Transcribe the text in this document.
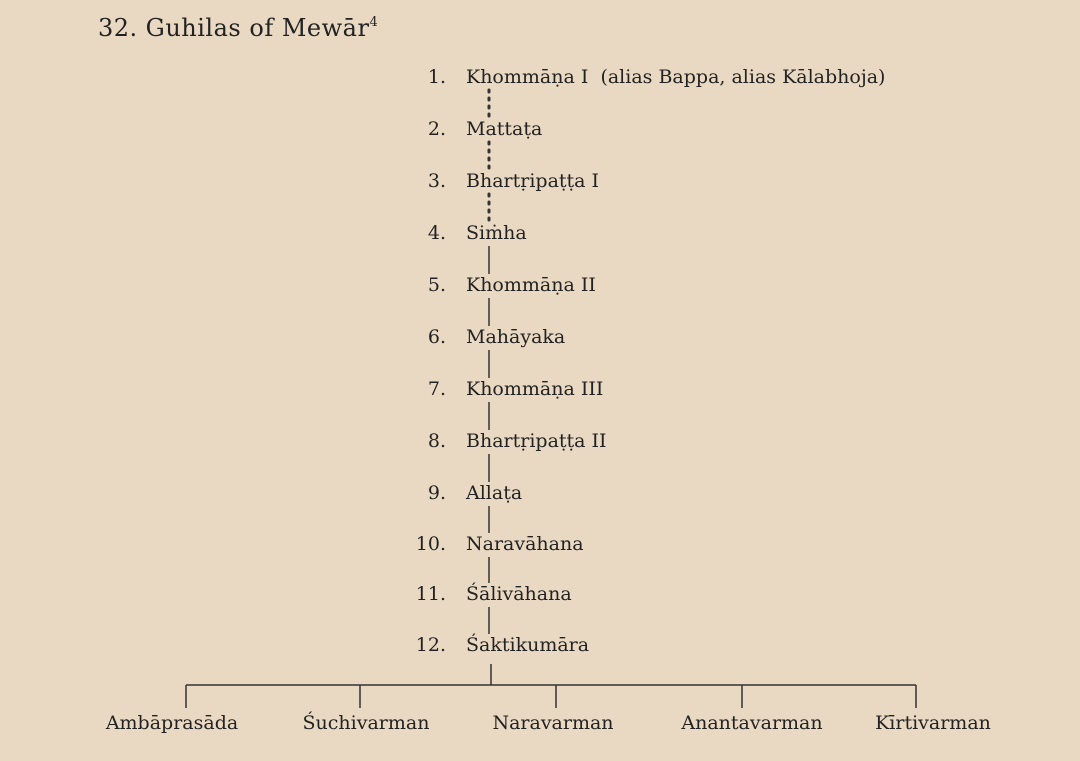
32. Guhilas of Mewār$^4$
1. Khommāṇa I (alias Bappa, alias Kālabhoja)
2. Mattaṭa
3. Bhartṛipaṭṭa I
4. Siṁha
5. Khommāṇa II
6. Mahāyaka
7. Khommāṇa III
8. Bhartṛipaṭṭa II
9. Allaṭa
10. Naravāhana
11. Śālivāhana
12. Śaktikumāra
Ambāprasāda	Śuchivarman	Naravarman	Anantavarman	Kīrtivarman
